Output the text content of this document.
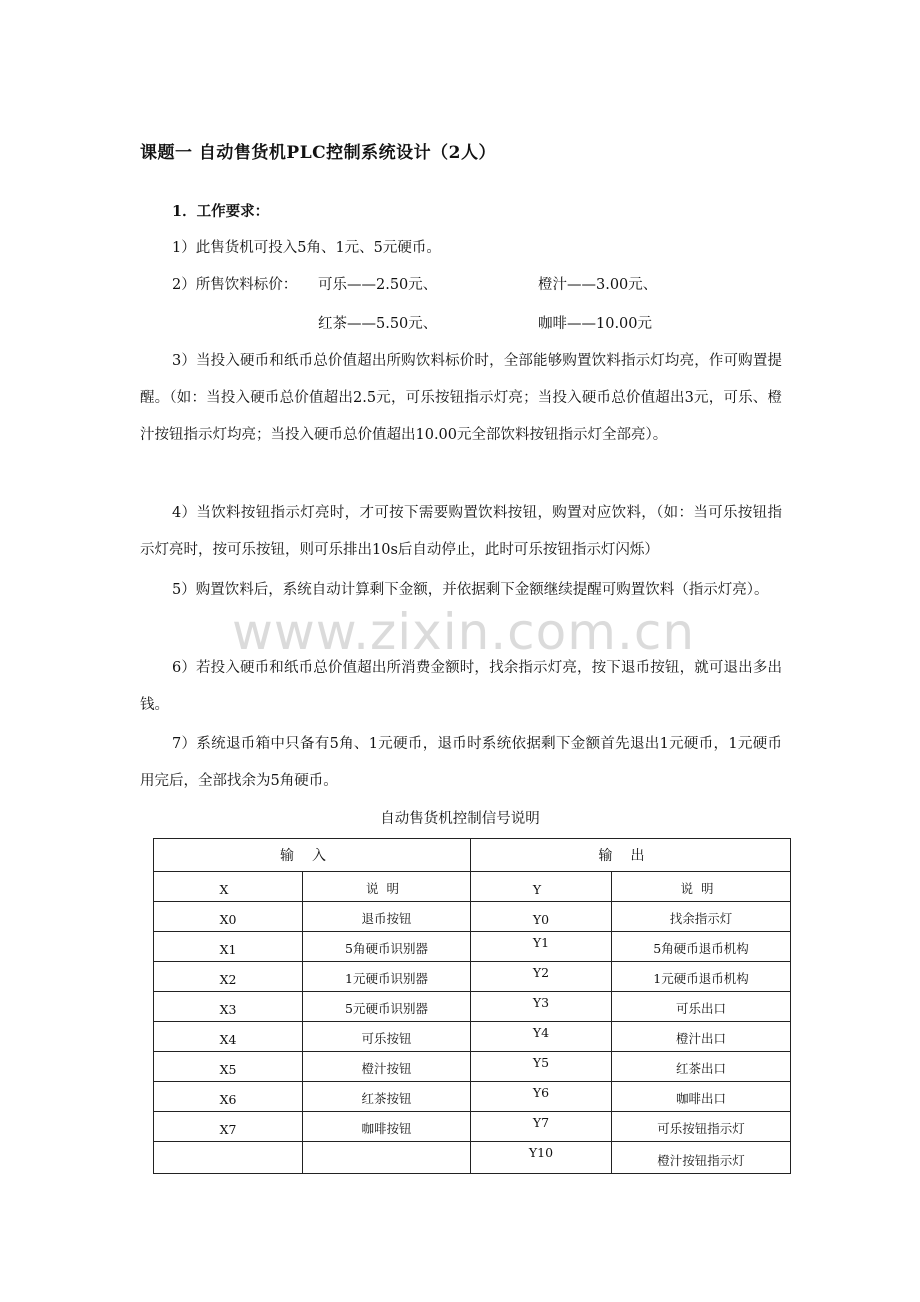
课题一 自动售货机PLC控制系统设计（2人）
1．工作要求：
1）此售货机可投入5角、1元、5元硬币。
2）所售饮料标价： 可乐——2.50元、	橙汁——3.00元、
红茶——5.50元、	咖啡——10.00元

3）当投入硬币和纸币总价值超出所购饮料标价时，全部能够购置饮料指示灯均亮，作可购置提醒。（如：当投入硬币总价值超出2.5元，可乐按钮指示灯亮；当投入硬币总价值超出3元，可乐、橙汁按钮指示灯均亮；当投入硬币总价值超出10.00元全部饮料按钮指示灯全部亮）。

4）当饮料按钮指示灯亮时，才可按下需要购置饮料按钮，购置对应饮料，（如：当可乐按钮指示灯亮时，按可乐按钮，则可乐排出10s后自动停止，此时可乐按钮指示灯闪烁）

5）购置饮料后，系统自动计算剩下金额，并依据剩下金额继续提醒可购置饮料（指示灯亮）。

6）若投入硬币和纸币总价值超出所消费金额时，找余指示灯亮，按下退币按钮，就可退出多出钱。

7）系统退币箱中只备有5角、1元硬币，退币时系统依据剩下金额首先退出1元硬币，1元硬币用完后，全部找余为5角硬币。

www.zixin.com.cn
自动售货机控制信号说明
输入		输出	
X	说明	Y	说明
X0	退币按钮	Y0	找余指示灯
X1	5角硬币识别器	Y1	5角硬币退币机构
X2	1元硬币识别器	Y2	1元硬币退币机构
X3	5元硬币识别器	Y3	可乐出口
X4	可乐按钮	Y4	橙汁出口
X5	橙汁按钮	Y5	红茶出口
X6	红茶按钮	Y6	咖啡出口
X7	咖啡按钮	Y7	可乐按钮指示灯
		Y10	橙汁按钮指示灯
